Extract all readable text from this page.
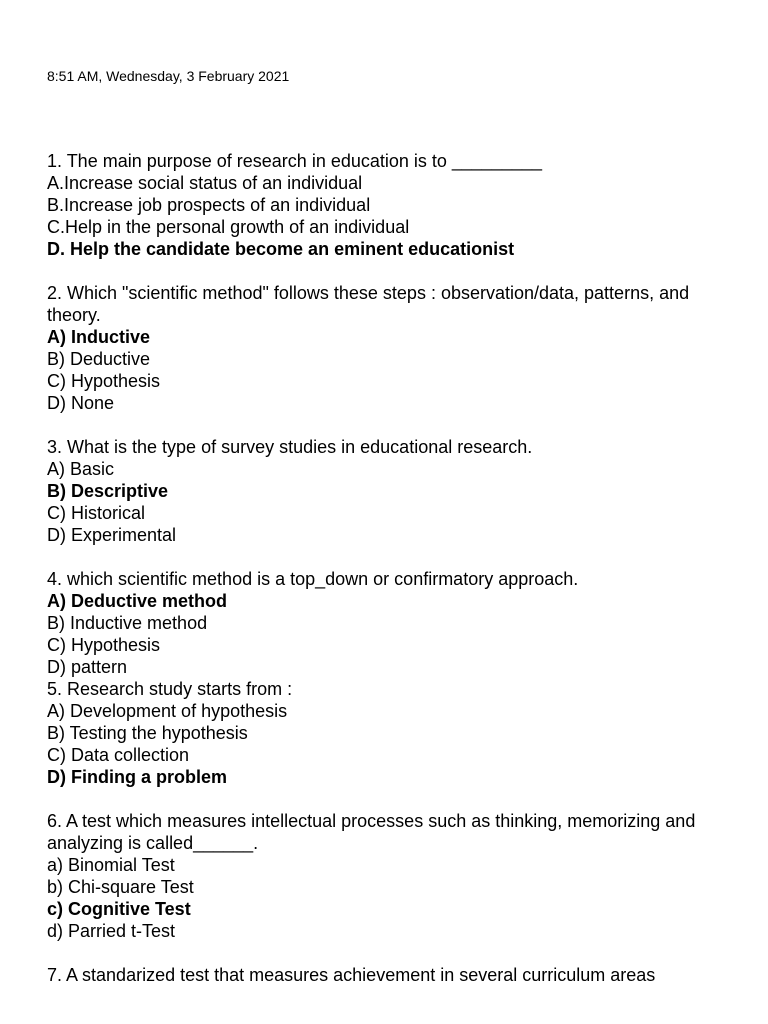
8:51 AM, Wednesday, 3 February 2021
1. The main purpose of research in education is to _________
A.Increase social status of an individual
B.Increase job prospects of an individual
C.Help in the personal growth of an individual
D. Help the candidate become an eminent educationist
2. Which "scientific method" follows these steps : observation/data, patterns, and theory.
A) Inductive
B) Deductive
C) Hypothesis
D) None
3. What is the type of survey studies in educational research.
A) Basic
B) Descriptive
C) Historical
D) Experimental
4. which scientific method is a top_down or confirmatory approach.
A) Deductive method
B) Inductive method
C) Hypothesis
D) pattern
5. Research study starts from :
A) Development of hypothesis
B) Testing the hypothesis
C) Data collection
D) Finding a problem
6. A test which measures intellectual processes such as thinking, memorizing and analyzing is called______.
a) Binomial Test
b) Chi-square Test
c) Cognitive Test
d) Parried t-Test
7. A standarized test that measures achievement in several curriculum areas
